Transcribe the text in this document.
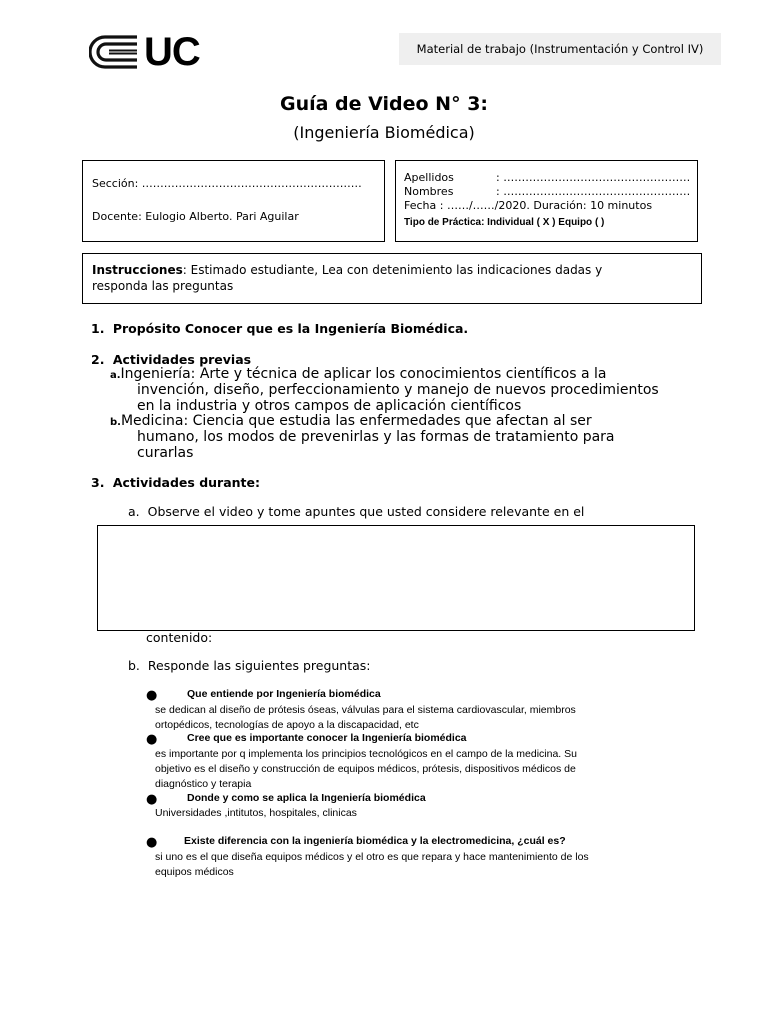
UC	Material de trabajo (Instrumentación y Control IV)
Guía de Video N° 3:
(Ingeniería Biomédica)
Sección: ……………………………………………………
Docente: Eulogio Alberto. Pari Aguilar
Apellidos	: ……………………………………………
Nombres	: ……………………………………………
Fecha : ……/……/2020. Duración: 10 minutos
Tipo de Práctica: Individual ( X ) Equipo ( )
Instrucciones: Estimado estudiante, Lea con detenimiento las indicaciones dadas y
responda las preguntas
1. Propósito Conocer que es la Ingeniería Biomédica.
2. Actividades previas
a.Ingeniería: Arte y técnica de aplicar los conocimientos científicos a la
invención, diseño, perfeccionamiento y manejo de nuevos procedimientos
en la industria y otros campos de aplicación científicos
b.Medicina: Ciencia que estudia las enfermedades que afectan al ser
humano, los modos de prevenirlas y las formas de tratamiento para
curarlas
3. Actividades durante:
a. Observe el video y tome apuntes que usted considere relevante en el
contenido:
b. Responde las siguientes preguntas:
●	Que entiende por Ingeniería biomédica
se dedican al diseño de prótesis óseas, válvulas para el sistema cardiovascular, miembros
ortopédicos, tecnologías de apoyo a la discapacidad, etc
●	Cree que es importante conocer la Ingeniería biomédica
es importante por q implementa los principios tecnológicos en el campo de la medicina. Su
objetivo es el diseño y construcción de equipos médicos, prótesis, dispositivos médicos de
diagnóstico y terapia
●	Donde y como se aplica la Ingeniería biomédica
Universidades ,intitutos, hospitales, clinicas
●	Existe diferencia con la ingeniería biomédica y la electromedicina, ¿cuál es?
si uno es el que diseña equipos médicos y el otro es que repara y hace mantenimiento de los
equipos médicos
